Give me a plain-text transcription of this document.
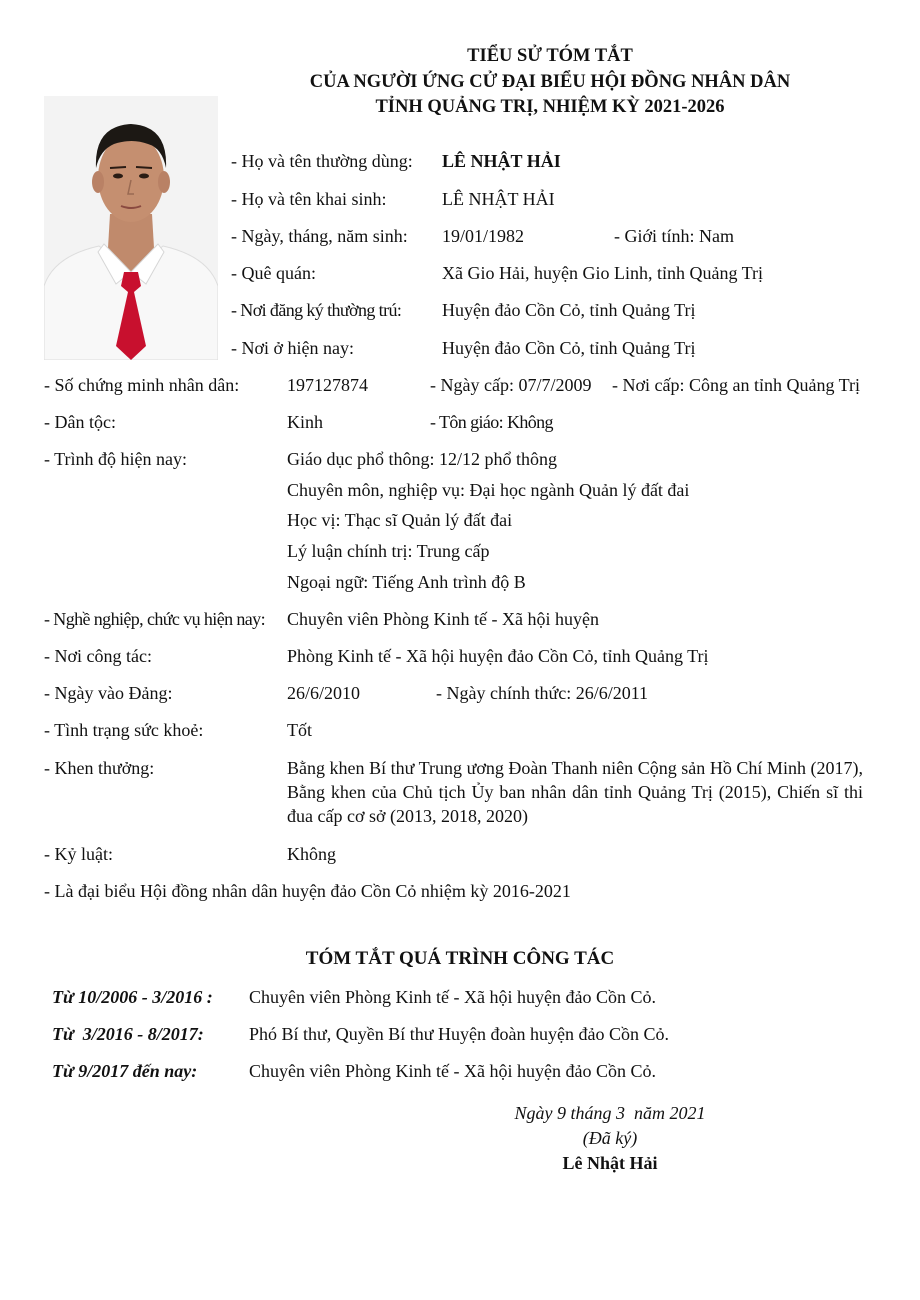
TIỂU SỬ TÓM TẮT
CỦA NGƯỜI ỨNG CỬ ĐẠI BIỂU HỘI ĐỒNG NHÂN DÂN
TỈNH QUẢNG TRỊ, NHIỆM KỲ 2021-2026
- Họ và tên thường dùng: LÊ NHẬT HẢI
- Họ và tên khai sinh:	LÊ NHẬT HẢI
- Ngày, tháng, năm sinh: 19/01/1982	- Giới tính: Nam
- Quê quán:	Xã Gio Hải, huyện Gio Linh, tỉnh Quảng Trị
- Nơi đăng ký thường trú: Huyện đảo Cồn Cỏ, tỉnh Quảng Trị
- Nơi ở hiện nay:	Huyện đảo Cồn Cỏ, tỉnh Quảng Trị
- Số chứng minh nhân dân:	197127874	- Ngày cấp: 07/7/2009 - Nơi cấp: Công an tỉnh Quảng Trị
- Dân tộc:	Kinh	- Tôn giáo: Không
- Trình độ hiện nay:	Giáo dục phổ thông: 12/12 phổ thông
Chuyên môn, nghiệp vụ: Đại học ngành Quản lý đất đai
Học vị: Thạc sĩ Quản lý đất đai
Lý luận chính trị: Trung cấp
Ngoại ngữ: Tiếng Anh trình độ B
- Nghề nghiệp, chức vụ hiện nay: Chuyên viên Phòng Kinh tế - Xã hội huyện
- Nơi công tác:	Phòng Kinh tế - Xã hội huyện đảo Cồn Cỏ, tỉnh Quảng Trị
- Ngày vào Đảng:	26/6/2010	- Ngày chính thức: 26/6/2011
- Tình trạng sức khoẻ:	Tốt
- Khen thưởng:	Bằng khen Bí thư Trung ương Đoàn Thanh niên Cộng sản Hồ Chí Minh (2017), Bằng khen của Chủ tịch Ủy ban nhân dân tỉnh Quảng Trị (2015), Chiến sĩ thi đua cấp cơ sở (2013, 2018, 2020)
- Kỷ luật:	Không
- Là đại biểu Hội đồng nhân dân huyện đảo Cồn Cỏ nhiệm kỳ 2016-2021
TÓM TẮT QUÁ TRÌNH CÔNG TÁC
Từ 10/2006 - 3/2016 : Chuyên viên Phòng Kinh tế - Xã hội huyện đảo Cồn Cỏ.
Từ  3/2016 - 8/2017:	Phó Bí thư, Quyền Bí thư Huyện đoàn huyện đảo Cồn Cỏ.
Từ 9/2017 đến nay:	Chuyên viên Phòng Kinh tế - Xã hội huyện đảo Cồn Cỏ.
Ngày 9 tháng 3  năm 2021
(Đã ký)
Lê Nhật Hải
